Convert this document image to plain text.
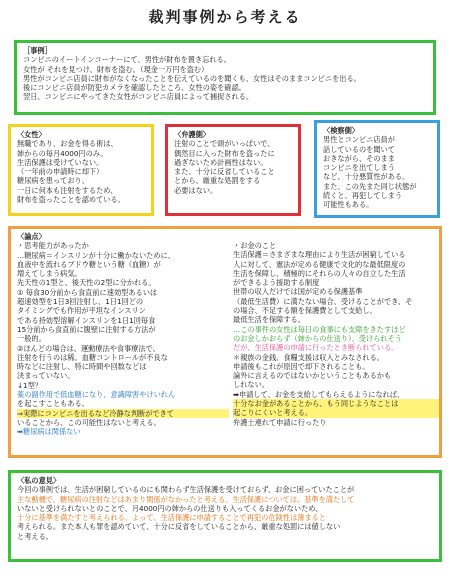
裁判事例から考える
［事例］
コンビニのイートインコーナーにて、男性が財布を置き忘れる。
女性が それを見つけ、財布を盗む。（現金一万円を盗む）
男性がコンビニ店員に財布がなくなったことを伝えているのを聞くも、女性はそのままコンビニを出る。
後にコンビニ店員が防犯カメラを確認したところ、女性の姿を確認。
翌日、コンビニにやってきた女性がコンビニ店員によって捕捉される。
〈女性〉
無職であり、お金を得る術は、
姉からの毎月4000円のみ。
生活保護は受けていない。
（一年前の申請時に却下）
糖尿病を患っており、
一日に何本も注射をするため、
財布を盗ったことを認めている。
〈弁護側〉
注射のことで頭がいっぱいで、
偶然目に入った財布を盗ったに
過ぎないため計画性はない。
また、十分に反省していること
とから、厳重な処罰をする
必要はない。
〈検察側〉
男性とコンビニ店員が
話しているのを聞いて
おきながら、そのまま
コンビニを出てしまう
など、十分悪質性がある。
また、この先また同じ状態が
続くと、再犯してしまう
可能性もある。
〈論点〉
・思考能力があったか
…糖尿病＝インスリンが十分に働かないために、
血液中を流れるブドウ糖という糖（血糖）が
増えてしまう病気。
先天性の1型と、後天性の2型に分かれる。
① 毎食30分前から食直前に速効型あるいは
超速効型を1日3回注射し、1日1回どの
タイミングでも作用が平坦なインスリン
である持効型溶解インスリンを1日1回毎食
15分前から食直前に腹壁に注射する方法が
一般的。
②ほんどの場合は、運動療法や食事療法で、
注射を行うのは稀。血糖コントロールが不良な
時などに注射し、特に時間や回数などは
決まっていない。
↓1型？
薬の副作用で低血糖になり、意識障害やけいれん
を起こすこともある。
⇒実際にコンビニを出るなど冷静な判断ができて
いることから、この可能性はないと考える。
➡糖尿病は関係ない
・お金のこと
生活保護＝さまざまな理由により生活が困窮している
人に対して、憲法が定める健康で文化的な最低限度の
生活を保障し、積極的にそれらの人々の自立した生活
ができるよう援助する制度
世帯の収入だけでは国が定める保護基準
（最低生活費）に満たない場合、受けることができ、そ
の場合、不足する額を保護費として支給し、
最低生活を保障する。
…この事件の女性は毎日の食事にも支障をきたすほど
のお金しかおらず（姉からの仕送り）、受けられそう
だが、生活保護の申請に行ったとき断られている。
＊親族の金銭、食糧支援は収入とみなされる。
申請後もこれが原因で却下されることも。
論外に言えるのではないかということもあるかも
しれない。
➡申請して、お金を支給してもらえるようになれば、
十分なお金があることから、もう同じようなことは
起こりにくいと考える。
弁護士連れて申請に行ったり
〈私の意見〉
今回の事例では、生活が困窮しているのにも関わらず生活保護を受けておらず、お金に困っていたことが
主な動機で、糖尿病の注射などはあまり関係がなかったと考える。生活保護については、基準を満たして
いないと受けられないとのことで、月4000円の姉からの仕送りも入ってくるお金がないため、
十分に基準を満たすと考えられる。よって、生活保護に申請することで再犯の危険性は薄まると
考えられる。また本人も罪を認めていて、十分に反省をしていることから、厳重な処罰には値しない
と考える。
